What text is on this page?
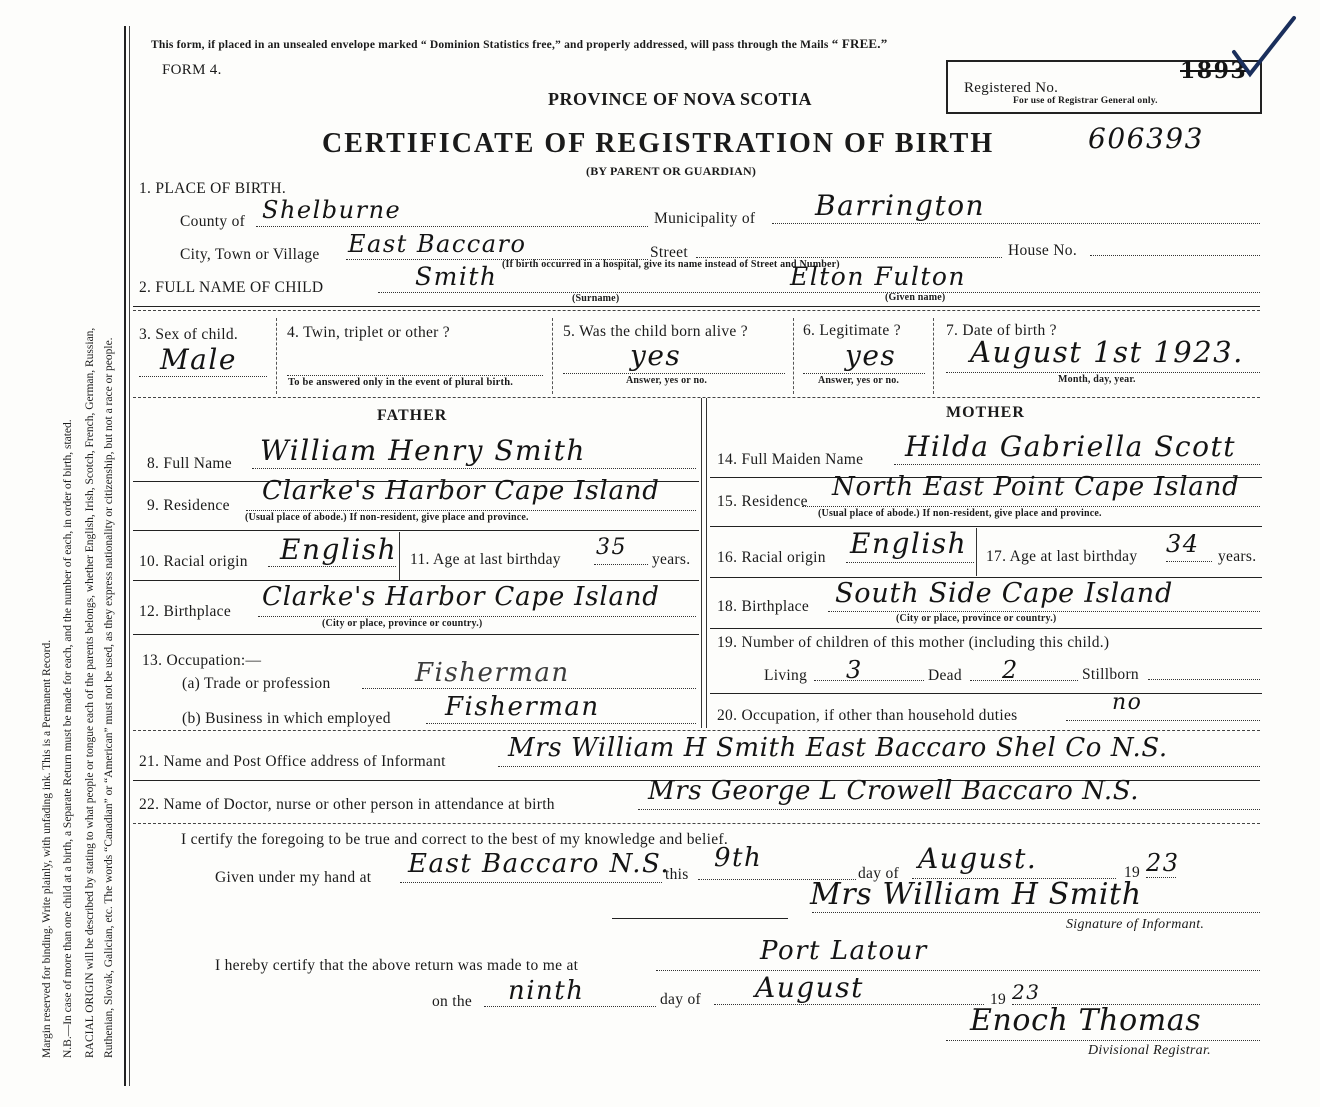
Margin reserved for binding. Write plainly, with unfading ink. This is a Permanent Record. N.B.—In case of more than one child at a birth, a Separate Return must be made for each, and the number of each, in order of birth, stated. RACIAL ORIGIN will be described by stating to what people or tongue each of the parents belongs, whether English, Irish, Scotch, French, German, Russian, Ruthenian, Slovak, Galician, etc. The words “Canadian” or “American” must not be used, as they express nationality or citizenship, but not a race or people.
This form, if placed in an unsealed envelope marked “ Dominion Statistics free,” and properly addressed, will pass through the Mails “ FREE.”
FORM 4.
Registered No.
1893
For use of Registrar General only.
PROVINCE OF NOVA SCOTIA
CERTIFICATE OF REGISTRATION OF BIRTH	606393
(BY PARENT OR GUARDIAN)
1. PLACE OF BIRTH.
County of Shelburne	Municipality of Barrington
City, Town or Village East Baccaro	Street	House No.
(If birth occurred in a hospital, give its name instead of Street and Number)
2. FULL NAME OF CHILD	Smith
(Surname)
Elton Fulton
(Given name)
3. Sex of child.
Male
4. Twin, triplet or other ?
To be answered only in the event of plural birth.
5. Was the child born alive ?
yes
Answer, yes or no.
6. Legitimate ?
yes
Answer, yes or no.
7. Date of birth ?
August 1st 1923.
Month, day, year.
FATHER	MOTHER
8. Full Name William Henry Smith
9. Residence Clarke's Harbor Cape Island
(Usual place of abode.) If non-resident, give place and province.
10. Racial origin English 11. Age at last birthday 35 years.
12. Birthplace Clarke's Harbor Cape Island
(City or place, province or country.)
13. Occupation:—
(a) Trade or profession	Fisherman
(b) Business in which employed Fisherman
14. Full Maiden Name Hilda Gabriella Scott
15. Residence North East Point Cape Island
(Usual place of abode.) If non-resident, give place and province.
16. Racial origin English 17. Age at last birthday 34 years.
18. Birthplace South Side Cape Island
(City or place, province or country.)
19. Number of children of this mother (including this child.)
Living 3	Dead 2	Stillborn
20. Occupation, if other than household duties
no
21. Name and Post Office address of Informant Mrs William H Smith East Baccaro Shel Co N.S.
22. Name of Doctor, nurse or other person in attendance at birth	Mrs George L Crowell Baccaro N.S.
I certify the foregoing to be true and correct to the best of my knowledge and belief.
Given under my hand at East Baccaro N.S.
this
9th
day of August.	19 23
Mrs William H Smith
Signature of Informant.
I hereby certify that the above return was made to me at	Port Latour
on the ninth	day of August	19 23
Enoch Thomas
Divisional Registrar.
